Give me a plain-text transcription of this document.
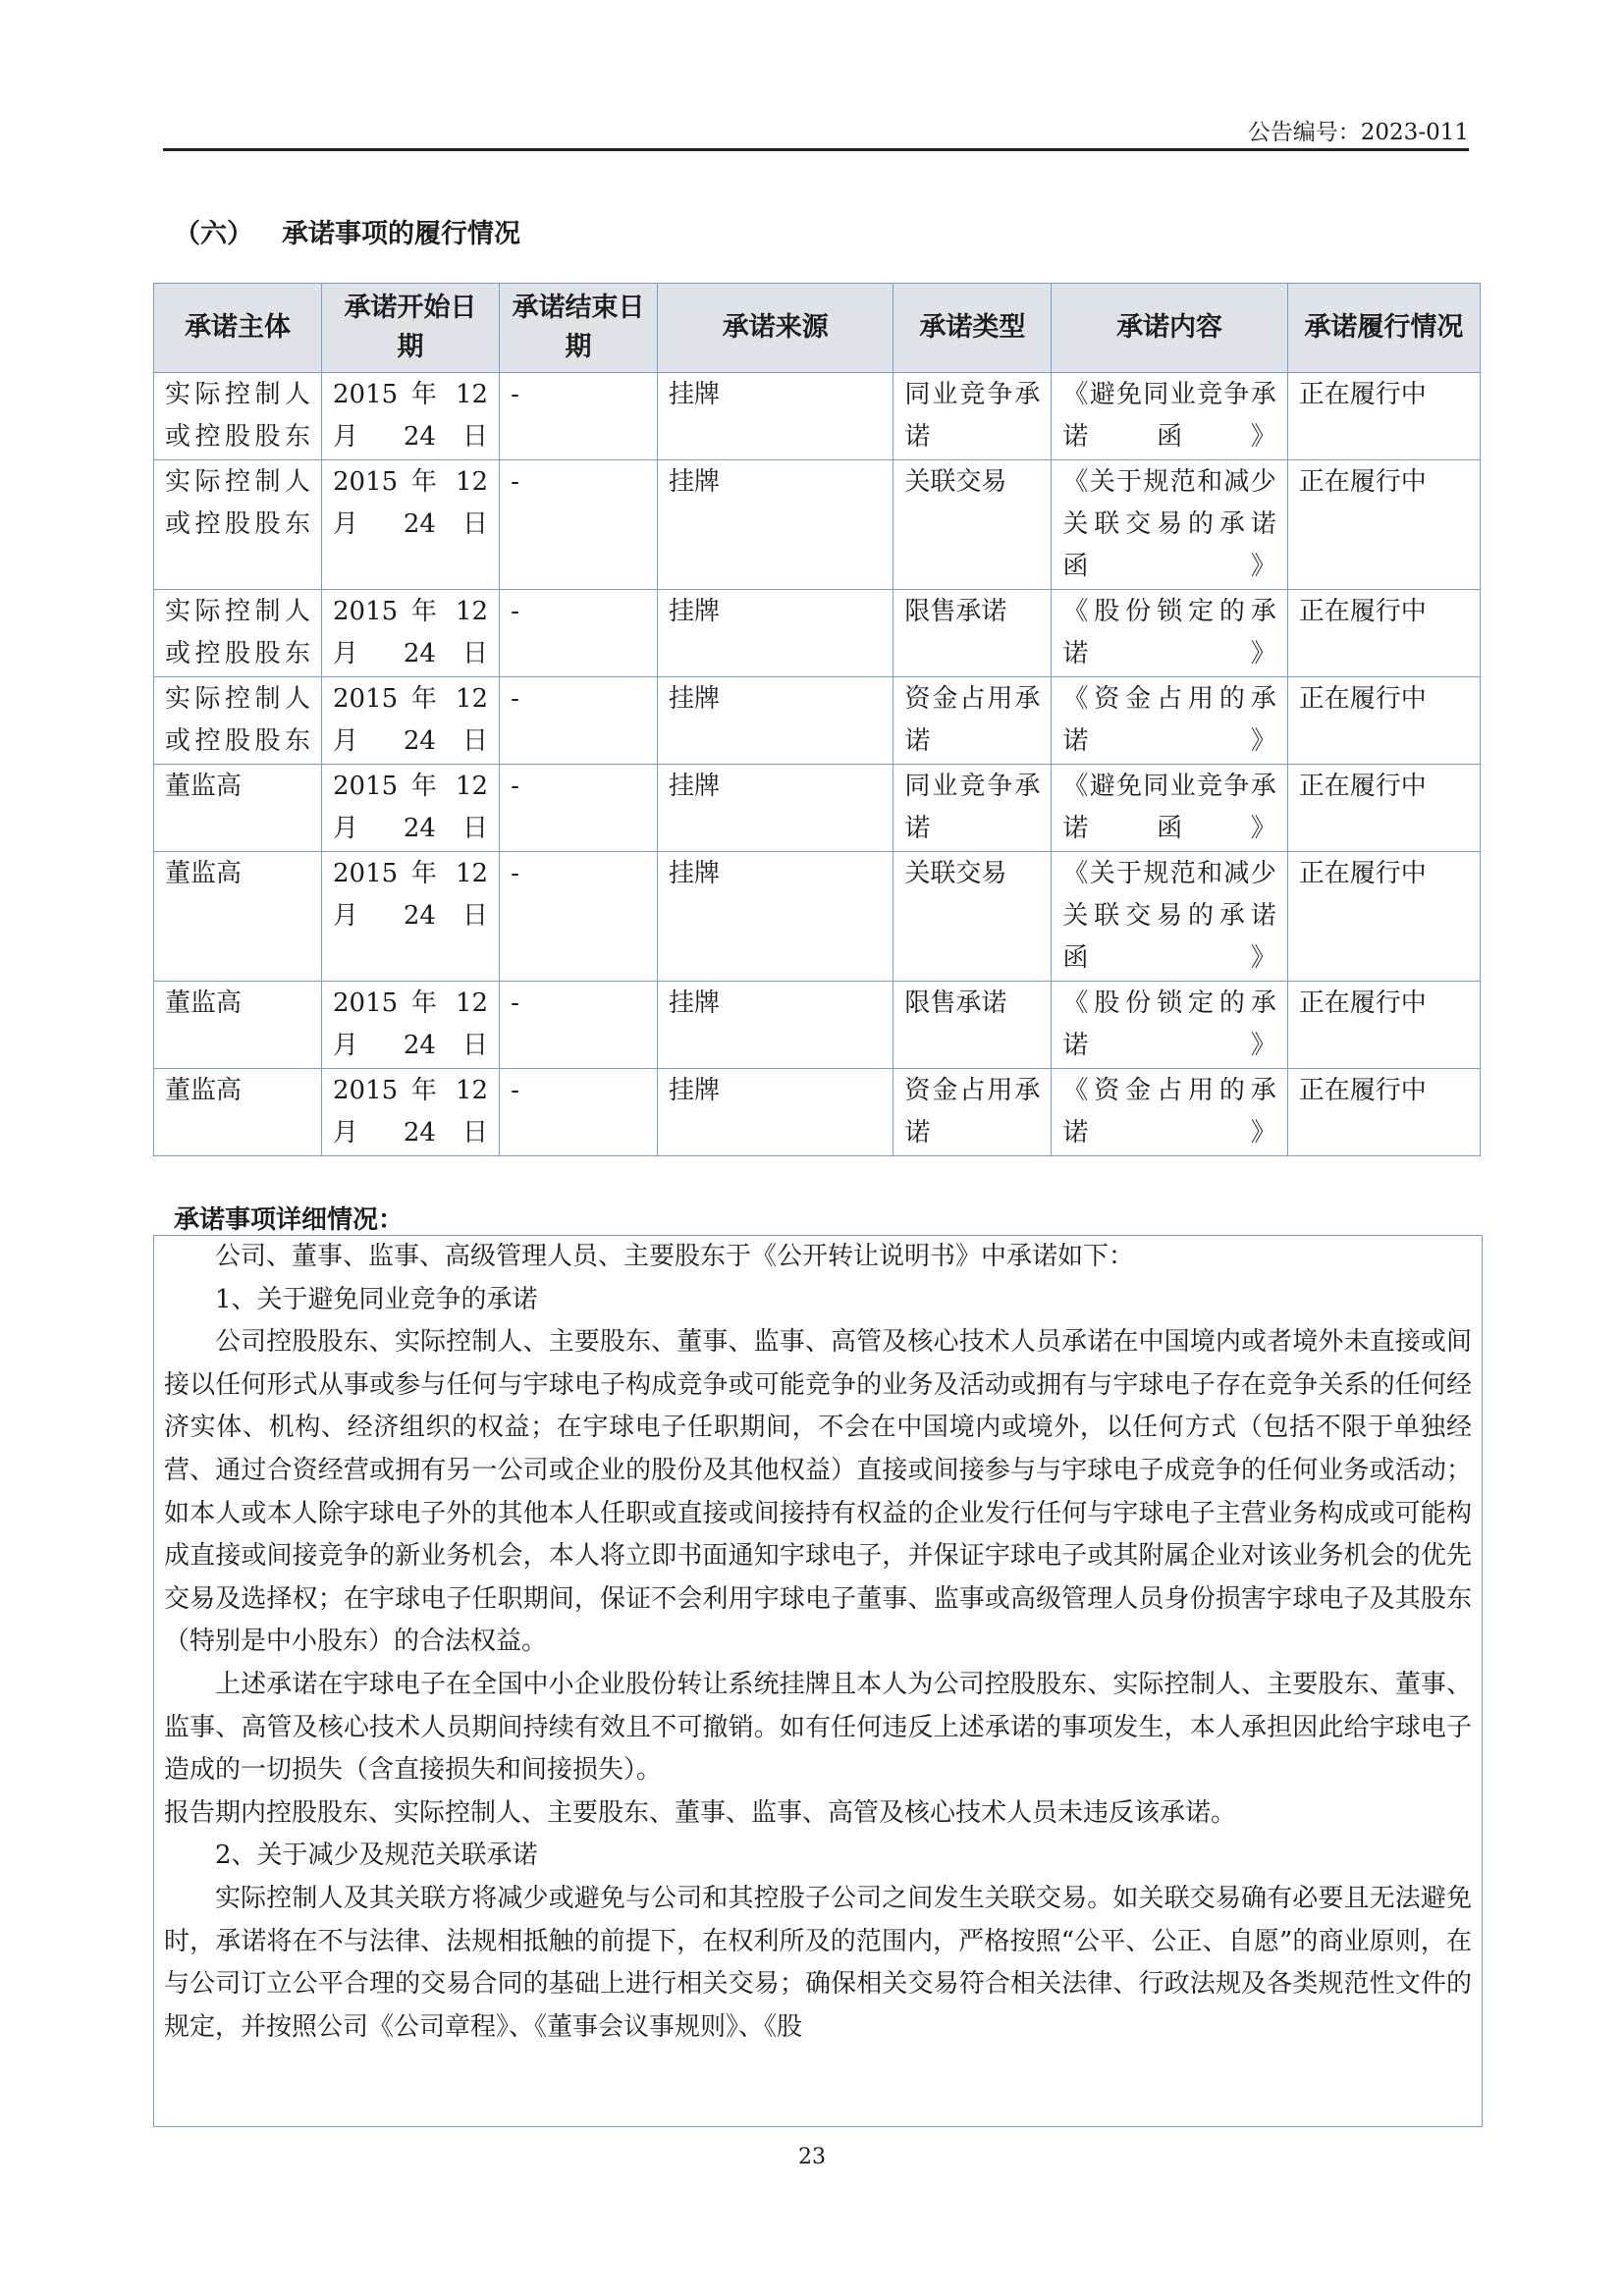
公告编号：2023-011
（六） 承诺事项的履行情况
承诺主体	承诺开始日期	承诺结束日期	承诺来源	承诺类型	承诺内容	承诺履行情况
实际控制人或控股股东	2015 年 12 月 24 日	-	挂牌	同业竞争承诺	《避免同业竞争承诺函》	正在履行中
实际控制人或控股股东	2015 年 12 月 24 日	-	挂牌	关联交易	《关于规范和减少关联交易的承诺函》	正在履行中
实际控制人或控股股东	2015 年 12 月 24 日	-	挂牌	限售承诺	《股份锁定的承诺》	正在履行中
实际控制人或控股股东	2015 年 12 月 24 日	-	挂牌	资金占用承诺	《资金占用的承诺》	正在履行中
董监高	2015 年 12 月 24 日	-	挂牌	同业竞争承诺	《避免同业竞争承诺函》	正在履行中
董监高	2015 年 12 月 24 日	-	挂牌	关联交易	《关于规范和减少关联交易的承诺函》	正在履行中
董监高	2015 年 12 月 24 日	-	挂牌	限售承诺	《股份锁定的承诺》	正在履行中
董监高	2015 年 12 月 24 日	-	挂牌	资金占用承诺	《资金占用的承诺》	正在履行中
承诺事项详细情况：

公司、董事、监事、高级管理人员、主要股东于《公开转让说明书》中承诺如下：

1、关于避免同业竞争的承诺

公司控股股东、实际控制人、主要股东、董事、监事、高管及核心技术人员承诺在中国境内或者境外未直接或间接以任何形式从事或参与任何与宇球电子构成竞争或可能竞争的业务及活动或拥有与宇球电子存在竞争关系的任何经济实体、机构、经济组织的权益；在宇球电子任职期间，不会在中国境内或境外，以任何方式（包括不限于单独经营、通过合资经营或拥有另一公司或企业的股份及其他权益）直接或间接参与与宇球电子成竞争的任何业务或活动；如本人或本人除宇球电子外的其他本人任职或直接或间接持有权益的企业发行任何与宇球电子主营业务构成或可能构成直接或间接竞争的新业务机会，本人将立即书面通知宇球电子，并保证宇球电子或其附属企业对该业务机会的优先交易及选择权；在宇球电子任职期间，保证不会利用宇球电子董事、监事或高级管理人员身份损害宇球电子及其股东（特别是中小股东）的合法权益。

上述承诺在宇球电子在全国中小企业股份转让系统挂牌且本人为公司控股股东、实际控制人、主要股东、董事、监事、高管及核心技术人员期间持续有效且不可撤销。如有任何违反上述承诺的事项发生，本人承担因此给宇球电子造成的一切损失（含直接损失和间接损失）。

报告期内控股股东、实际控制人、主要股东、董事、监事、高管及核心技术人员未违反该承诺。

2、关于减少及规范关联承诺

实际控制人及其关联方将减少或避免与公司和其控股子公司之间发生关联交易。如关联交易确有必要且无法避免时，承诺将在不与法律、法规相抵触的前提下，在权利所及的范围内，严格按照“公平、公正、自愿”的商业原则，在与公司订立公平合理的交易合同的基础上进行相关交易；确保相关交易符合相关法律、行政法规及各类规范性文件的规定，并按照公司《公司章程》、《董事会议事规则》、《股

23
